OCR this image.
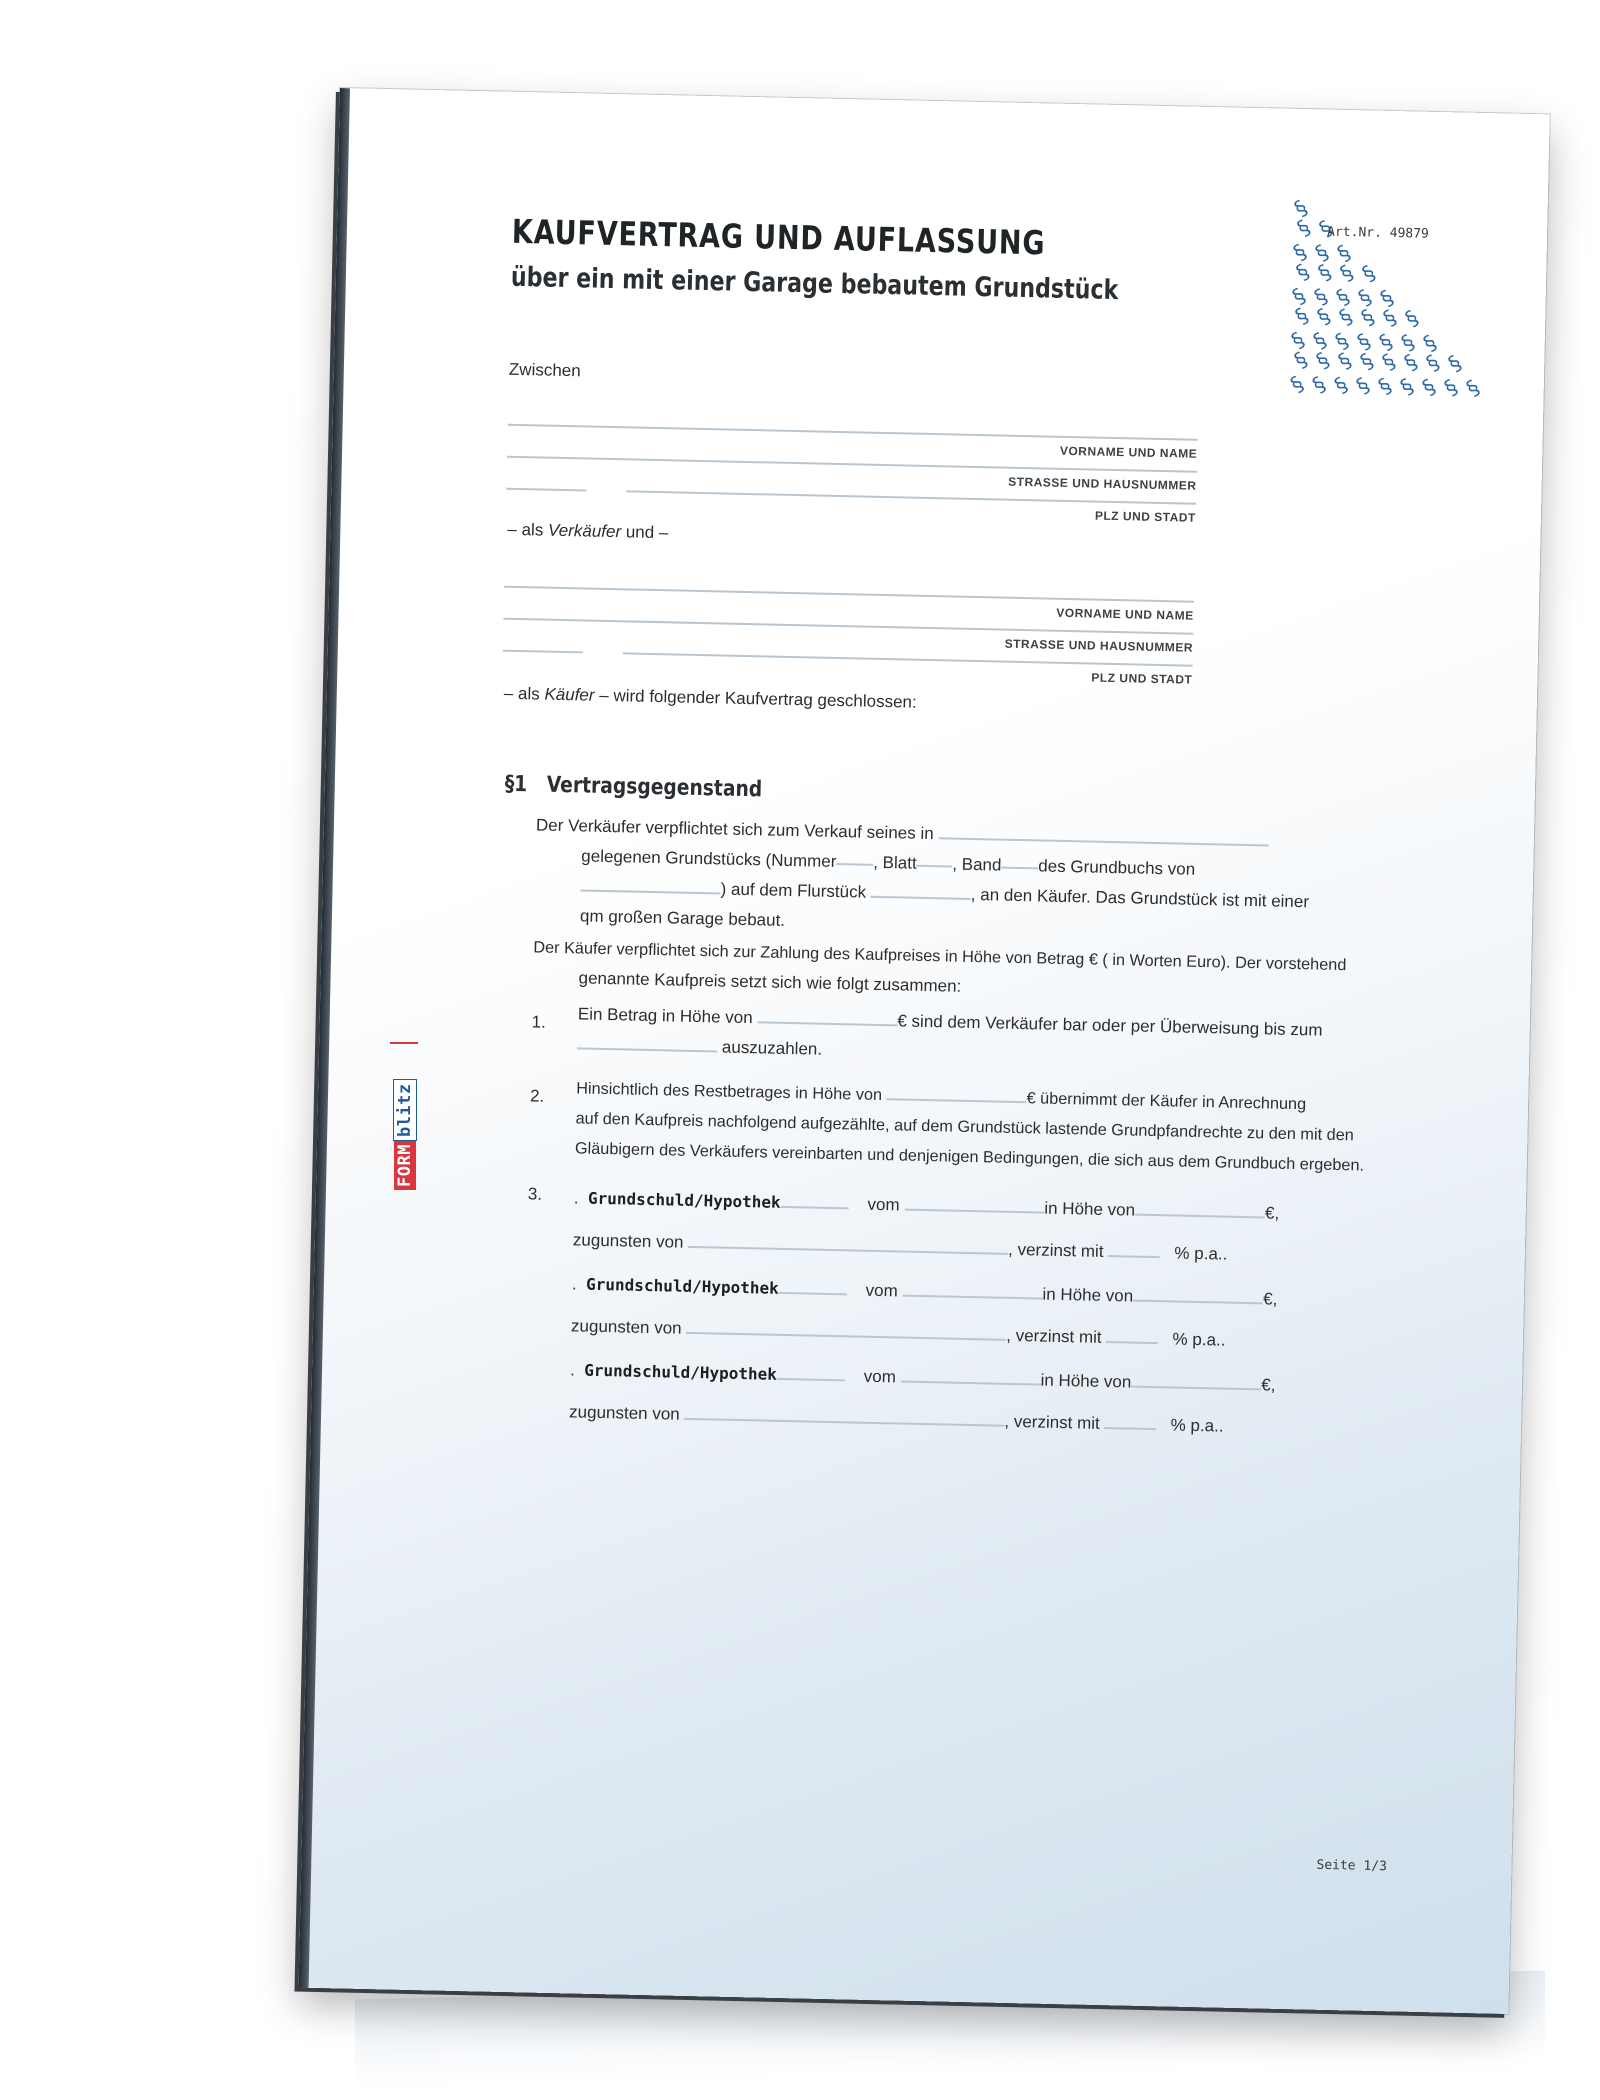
KAUFVERTRAG UND AUFLASSUNG
über ein mit einer Garage bebautem Grundstück
§
§ §
§ § §
§ § § §
§ § § § §
§ § § § § §
§ § § § § § §
§ § § § § § § §
§ § § § § § § § §
Art.Nr. 49879
Zwischen
VORNAME UND NAME
STRASSE UND HAUSNUMMER
PLZ UND STADT
– als Verkäufer und –
VORNAME UND NAME
STRASSE UND HAUSNUMMER
PLZ UND STADT
– als Käufer – wird folgender Kaufvertrag geschlossen:
§1 Vertragsgegenstand
Der Verkäufer verpflichtet sich zum Verkauf seines in
gelegenen Grundstücks (Nummer , Blatt , Band des Grundbuchs von
) auf dem Flurstück	, an den Käufer. Das Grundstück ist mit einer
qm großen Garage bebaut.
Der Käufer verpflichtet sich zur Zahlung des Kaufpreises in Höhe von Betrag € ( in Worten Euro). Der vorstehend
genannte Kaufpreis setzt sich wie folgt zusammen:
1. Ein Betrag in Höhe von	€ sind dem Verkäufer bar oder per Überweisung bis zum
auszuzahlen.
2. Hinsichtlich des Restbetrages in Höhe von	€ übernimmt der Käufer in Anrechnung
auf den Kaufpreis nachfolgend aufgezählte, auf dem Grundstück lastende Grundpfandrechte zu den mit den
Gläubigern des Verkäufers vereinbarten und denjenigen Bedingungen, die sich aus dem Grundbuch ergeben.
3. . Grundschuld/Hypothek	vom	in Höhe von	€,
zugunsten von	, verzinst mit	% p.a..
. Grundschuld/Hypothek	vom	in Höhe von	€,
zugunsten von	, verzinst mit	% p.a..
. Grundschuld/Hypothek	vom	in Höhe von	€,
zugunsten von	, verzinst mit	% p.a..
Seite 1/3
FORM
blitz
